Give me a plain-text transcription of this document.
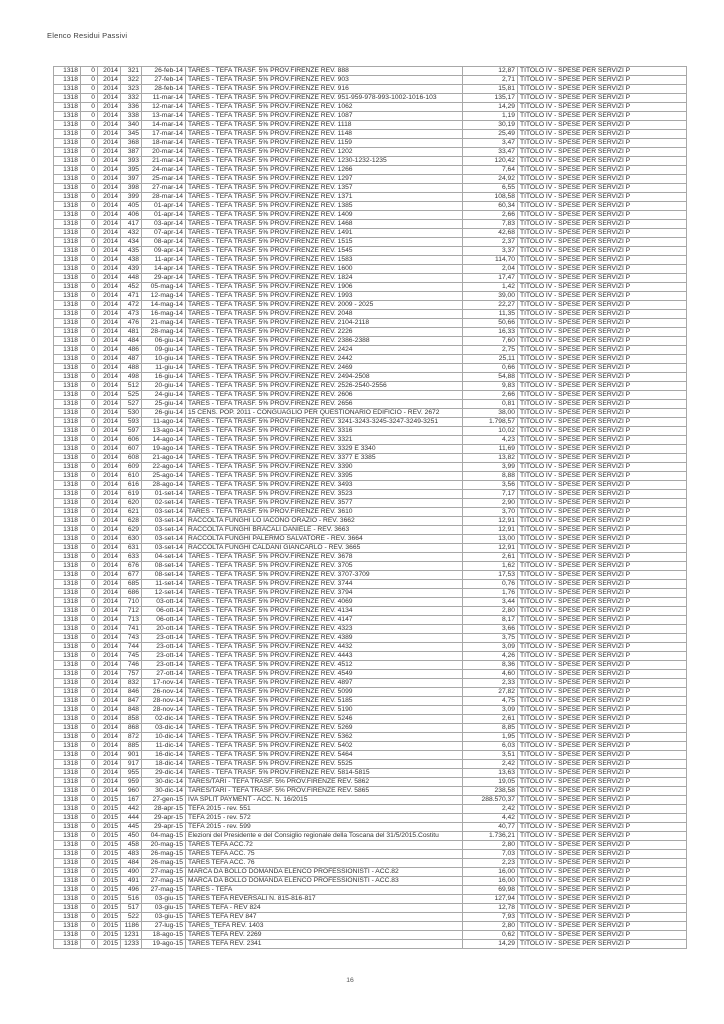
Elenco Residui Passivi
1318	0	2014	321	26-feb-14	TARES - TEFA TRASF. 5% PROV.FIRENZE REV. 888	12,87	TITOLO IV - SPESE PER SERVIZI P
1318	0	2014	322	27-feb-14	TARES - TEFA TRASF. 5% PROV.FIRENZE REV. 903	2,71	TITOLO IV - SPESE PER SERVIZI P
1318	0	2014	323	28-feb-14	TARES - TEFA TRASF. 5% PROV.FIRENZE REV. 916	15,81	TITOLO IV - SPESE PER SERVIZI P
1318	0	2014	332	11-mar-14	TARES - TEFA TRASF. 5% PROV.FIRENZE REV. 951-959-978-993-1002-1016-103	135,17	TITOLO IV - SPESE PER SERVIZI P
1318	0	2014	336	12-mar-14	TARES - TEFA TRASF. 5% PROV.FIRENZE REV. 1062	14,29	TITOLO IV - SPESE PER SERVIZI P
1318	0	2014	338	13-mar-14	TARES - TEFA TRASF. 5% PROV.FIRENZE REV. 1087	1,19	TITOLO IV - SPESE PER SERVIZI P
1318	0	2014	340	14-mar-14	TARES - TEFA TRASF. 5% PROV.FIRENZE REV. 1118	30,19	TITOLO IV - SPESE PER SERVIZI P
1318	0	2014	345	17-mar-14	TARES - TEFA TRASF. 5% PROV.FIRENZE REV. 1148	25,49	TITOLO IV - SPESE PER SERVIZI P
1318	0	2014	368	18-mar-14	TARES - TEFA TRASF. 5% PROV.FIRENZE REV. 1159	3,47	TITOLO IV - SPESE PER SERVIZI P
1318	0	2014	387	20-mar-14	TARES - TEFA TRASF. 5% PROV.FIRENZE REV. 1202	33,47	TITOLO IV - SPESE PER SERVIZI P
1318	0	2014	393	21-mar-14	TARES - TEFA TRASF. 5% PROV.FIRENZE REV. 1230-1232-1235	120,42	TITOLO IV - SPESE PER SERVIZI P
1318	0	2014	395	24-mar-14	TARES - TEFA TRASF. 5% PROV.FIRENZE REV. 1266	7,64	TITOLO IV - SPESE PER SERVIZI P
1318	0	2014	397	25-mar-14	TARES - TEFA TRASF. 5% PROV.FIRENZE REV. 1297	24,92	TITOLO IV - SPESE PER SERVIZI P
1318	0	2014	398	27-mar-14	TARES - TEFA TRASF. 5% PROV.FIRENZE REV. 1357	6,55	TITOLO IV - SPESE PER SERVIZI P
1318	0	2014	399	28-mar-14	TARES - TEFA TRASF. 5% PROV.FIRENZE REV. 1371	108,58	TITOLO IV - SPESE PER SERVIZI P
1318	0	2014	405	01-apr-14	TARES - TEFA TRASF. 5% PROV.FIRENZE REV. 1385	60,34	TITOLO IV - SPESE PER SERVIZI P
1318	0	2014	406	01-apr-14	TARES - TEFA TRASF. 5% PROV.FIRENZE REV. 1409	2,66	TITOLO IV - SPESE PER SERVIZI P
1318	0	2014	417	03-apr-14	TARES - TEFA TRASF. 5% PROV.FIRENZE REV. 1468	7,83	TITOLO IV - SPESE PER SERVIZI P
1318	0	2014	432	07-apr-14	TARES - TEFA TRASF. 5% PROV.FIRENZE REV. 1491	42,68	TITOLO IV - SPESE PER SERVIZI P
1318	0	2014	434	08-apr-14	TARES - TEFA TRASF. 5% PROV.FIRENZE REV. 1515	2,37	TITOLO IV - SPESE PER SERVIZI P
1318	0	2014	435	09-apr-14	TARES - TEFA TRASF. 5% PROV.FIRENZE REV. 1545	3,37	TITOLO IV - SPESE PER SERVIZI P
1318	0	2014	438	11-apr-14	TARES - TEFA TRASF. 5% PROV.FIRENZE REV. 1583	114,70	TITOLO IV - SPESE PER SERVIZI P
1318	0	2014	439	14-apr-14	TARES - TEFA TRASF. 5% PROV.FIRENZE REV. 1600	2,04	TITOLO IV - SPESE PER SERVIZI P
1318	0	2014	448	29-apr-14	TARES - TEFA TRASF. 5% PROV.FIRENZE REV. 1824	17,47	TITOLO IV - SPESE PER SERVIZI P
1318	0	2014	452	05-mag-14	TARES - TEFA TRASF. 5% PROV.FIRENZE REV. 1906	1,42	TITOLO IV - SPESE PER SERVIZI P
1318	0	2014	471	12-mag-14	TARES - TEFA TRASF. 5% PROV.FIRENZE REV. 1993	39,00	TITOLO IV - SPESE PER SERVIZI P
1318	0	2014	472	14-mag-14	TARES - TEFA TRASF. 5% PROV.FIRENZE REV. 2009 - 2025	22,27	TITOLO IV - SPESE PER SERVIZI P
1318	0	2014	473	16-mag-14	TARES - TEFA TRASF. 5% PROV.FIRENZE REV. 2048	11,35	TITOLO IV - SPESE PER SERVIZI P
1318	0	2014	476	21-mag-14	TARES - TEFA TRASF. 5% PROV.FIRENZE REV. 2104-2118	50,66	TITOLO IV - SPESE PER SERVIZI P
1318	0	2014	481	28-mag-14	TARES - TEFA TRASF. 5% PROV.FIRENZE REV. 2226	16,33	TITOLO IV - SPESE PER SERVIZI P
1318	0	2014	484	06-giu-14	TARES - TEFA TRASF. 5% PROV.FIRENZE REV. 2386-2388	7,60	TITOLO IV - SPESE PER SERVIZI P
1318	0	2014	486	09-giu-14	TARES - TEFA TRASF. 5% PROV.FIRENZE REV. 2424	2,75	TITOLO IV - SPESE PER SERVIZI P
1318	0	2014	487	10-giu-14	TARES - TEFA TRASF. 5% PROV.FIRENZE REV. 2442	25,11	TITOLO IV - SPESE PER SERVIZI P
1318	0	2014	488	11-giu-14	TARES - TEFA TRASF. 5% PROV.FIRENZE REV. 2469	0,66	TITOLO IV - SPESE PER SERVIZI P
1318	0	2014	498	16-giu-14	TARES - TEFA TRASF. 5% PROV.FIRENZE REV. 2494-2508	54,88	TITOLO IV - SPESE PER SERVIZI P
1318	0	2014	512	20-giu-14	TARES - TEFA TRASF. 5% PROV.FIRENZE REV. 2526-2540-2556	9,83	TITOLO IV - SPESE PER SERVIZI P
1318	0	2014	525	24-giu-14	TARES - TEFA TRASF. 5% PROV.FIRENZE REV. 2606	2,66	TITOLO IV - SPESE PER SERVIZI P
1318	0	2014	527	25-giu-14	TARES - TEFA TRASF. 5% PROV.FIRENZE REV. 2656	0,81	TITOLO IV - SPESE PER SERVIZI P
1318	0	2014	530	26-giu-14	15 CENS. POP. 2011 - CONGUAGLIO PER QUESTIONARIO EDIFICIO - REV. 2672	38,00	TITOLO IV - SPESE PER SERVIZI P
1318	0	2014	593	11-ago-14	TARES - TEFA TRASF. 5% PROV.FIRENZE REV. 3241-3243-3245-3247-3249-3251	1.798,57	TITOLO IV - SPESE PER SERVIZI P
1318	0	2014	597	13-ago-14	TARES - TEFA TRASF. 5% PROV.FIRENZE REV. 3316	10,02	TITOLO IV - SPESE PER SERVIZI P
1318	0	2014	606	14-ago-14	TARES - TEFA TRASF. 5% PROV.FIRENZE REV. 3321	4,23	TITOLO IV - SPESE PER SERVIZI P
1318	0	2014	607	19-ago-14	TARES - TEFA TRASF. 5% PROV.FIRENZE REV. 3329 E 3340	11,69	TITOLO IV - SPESE PER SERVIZI P
1318	0	2014	608	21-ago-14	TARES - TEFA TRASF. 5% PROV.FIRENZE REV. 3377 E 3385	13,82	TITOLO IV - SPESE PER SERVIZI P
1318	0	2014	609	22-ago-14	TARES - TEFA TRASF. 5% PROV.FIRENZE REV. 3390	3,99	TITOLO IV - SPESE PER SERVIZI P
1318	0	2014	610	25-ago-14	TARES - TEFA TRASF. 5% PROV.FIRENZE REV. 3395	8,88	TITOLO IV - SPESE PER SERVIZI P
1318	0	2014	616	28-ago-14	TARES - TEFA TRASF. 5% PROV.FIRENZE REV. 3493	3,56	TITOLO IV - SPESE PER SERVIZI P
1318	0	2014	619	01-set-14	TARES - TEFA TRASF. 5% PROV.FIRENZE REV. 3523	7,17	TITOLO IV - SPESE PER SERVIZI P
1318	0	2014	620	02-set-14	TARES - TEFA TRASF. 5% PROV.FIRENZE REV. 3577	2,90	TITOLO IV - SPESE PER SERVIZI P
1318	0	2014	621	03-set-14	TARES - TEFA TRASF. 5% PROV.FIRENZE REV. 3610	3,70	TITOLO IV - SPESE PER SERVIZI P
1318	0	2014	628	03-set-14	RACCOLTA FUNGHI LO IACONO ORAZIO - REV. 3662	12,91	TITOLO IV - SPESE PER SERVIZI P
1318	0	2014	629	03-set-14	RACCOLTA FUNGHI BRACALI DANIELE - REV. 3663	12,91	TITOLO IV - SPESE PER SERVIZI P
1318	0	2014	630	03-set-14	RACCOLTA FUNGHI PALERMO SALVATORE - REV. 3664	13,00	TITOLO IV - SPESE PER SERVIZI P
1318	0	2014	631	03-set-14	RACCOLTA FUNGHI CALDANI GIANCARLO - REV. 3665	12,91	TITOLO IV - SPESE PER SERVIZI P
1318	0	2014	633	04-set-14	TARES - TEFA TRASF. 5% PROV.FIRENZE REV. 3678	2,61	TITOLO IV - SPESE PER SERVIZI P
1318	0	2014	676	08-set-14	TARES - TEFA TRASF. 5% PROV.FIRENZE REV. 3705	1,62	TITOLO IV - SPESE PER SERVIZI P
1318	0	2014	677	08-set-14	TARES - TEFA TRASF. 5% PROV.FIRENZE REV. 3707-3709	17,53	TITOLO IV - SPESE PER SERVIZI P
1318	0	2014	685	11-set-14	TARES - TEFA TRASF. 5% PROV.FIRENZE REV. 3744	0,76	TITOLO IV - SPESE PER SERVIZI P
1318	0	2014	686	12-set-14	TARES - TEFA TRASF. 5% PROV.FIRENZE REV. 3794	1,76	TITOLO IV - SPESE PER SERVIZI P
1318	0	2014	710	03-ott-14	TARES - TEFA TRASF. 5% PROV.FIRENZE REV. 4069	3,44	TITOLO IV - SPESE PER SERVIZI P
1318	0	2014	712	06-ott-14	TARES - TEFA TRASF. 5% PROV.FIRENZE REV. 4134	2,80	TITOLO IV - SPESE PER SERVIZI P
1318	0	2014	713	06-ott-14	TARES - TEFA TRASF. 5% PROV.FIRENZE REV. 4147	8,17	TITOLO IV - SPESE PER SERVIZI P
1318	0	2014	741	20-ott-14	TARES - TEFA TRASF. 5% PROV.FIRENZE REV. 4323	3,66	TITOLO IV - SPESE PER SERVIZI P
1318	0	2014	743	23-ott-14	TARES - TEFA TRASF. 5% PROV.FIRENZE REV. 4389	3,75	TITOLO IV - SPESE PER SERVIZI P
1318	0	2014	744	23-ott-14	TARES - TEFA TRASF. 5% PROV.FIRENZE REV. 4432	3,09	TITOLO IV - SPESE PER SERVIZI P
1318	0	2014	745	23-ott-14	TARES - TEFA TRASF. 5% PROV.FIRENZE REV. 4443	4,26	TITOLO IV - SPESE PER SERVIZI P
1318	0	2014	746	23-ott-14	TARES - TEFA TRASF. 5% PROV.FIRENZE REV. 4512	8,36	TITOLO IV - SPESE PER SERVIZI P
1318	0	2014	757	27-ott-14	TARES - TEFA TRASF. 5% PROV.FIRENZE REV. 4549	4,60	TITOLO IV - SPESE PER SERVIZI P
1318	0	2014	832	17-nov-14	TARES - TEFA TRASF. 5% PROV.FIRENZE REV. 4897	2,33	TITOLO IV - SPESE PER SERVIZI P
1318	0	2014	846	26-nov-14	TARES - TEFA TRASF. 5% PROV.FIRENZE REV. 5099	27,82	TITOLO IV - SPESE PER SERVIZI P
1318	0	2014	847	28-nov-14	TARES - TEFA TRASF. 5% PROV.FIRENZE REV. 5185	4,75	TITOLO IV - SPESE PER SERVIZI P
1318	0	2014	848	28-nov-14	TARES - TEFA TRASF. 5% PROV.FIRENZE REV. 5190	3,09	TITOLO IV - SPESE PER SERVIZI P
1318	0	2014	858	02-dic-14	TARES - TEFA TRASF. 5% PROV.FIRENZE REV. 5246	2,61	TITOLO IV - SPESE PER SERVIZI P
1318	0	2014	868	03-dic-14	TARES - TEFA TRASF. 5% PROV.FIRENZE REV. 5269	8,85	TITOLO IV - SPESE PER SERVIZI P
1318	0	2014	872	10-dic-14	TARES - TEFA TRASF. 5% PROV.FIRENZE REV. 5362	1,95	TITOLO IV - SPESE PER SERVIZI P
1318	0	2014	885	11-dic-14	TARES - TEFA TRASF. 5% PROV.FIRENZE REV. 5402	6,03	TITOLO IV - SPESE PER SERVIZI P
1318	0	2014	901	16-dic-14	TARES - TEFA TRASF. 5% PROV.FIRENZE REV. 5464	3,51	TITOLO IV - SPESE PER SERVIZI P
1318	0	2014	917	18-dic-14	TARES - TEFA TRASF. 5% PROV.FIRENZE REV. 5525	2,42	TITOLO IV - SPESE PER SERVIZI P
1318	0	2014	955	29-dic-14	TARES - TEFA TRASF. 5% PROV.FIRENZE REV. 5814-5815	13,63	TITOLO IV - SPESE PER SERVIZI P
1318	0	2014	959	30-dic-14	TARES/TARI - TEFA TRASF. 5% PROV.FIRENZE REV. 5862	19,05	TITOLO IV - SPESE PER SERVIZI P
1318	0	2014	960	30-dic-14	TARES/TARI - TEFA TRASF. 5% PROV.FIRENZE REV. 5865	238,58	TITOLO IV - SPESE PER SERVIZI P
1318	0	2015	167	27-gen-15	IVA SPLIT PAYMENT - ACC. N. 16/2015	288.570,37	TITOLO IV - SPESE PER SERVIZI P
1318	0	2015	442	28-apr-15	TEFA 2015 - rev. 551	2,42	TITOLO IV - SPESE PER SERVIZI P
1318	0	2015	444	29-apr-15	TEFA 2015 - rev. 572	4,42	TITOLO IV - SPESE PER SERVIZI P
1318	0	2015	445	29-apr-15	TEFA 2015 - rev. 599	40,77	TITOLO IV - SPESE PER SERVIZI P
1318	0	2015	450	04-mag-15	Elezioni del Presidente e del Consiglio regionale della Toscana del 31/5/2015.Costitu	1.736,21	TITOLO IV - SPESE PER SERVIZI P
1318	0	2015	458	20-mag-15	TARES TEFA ACC.72	2,80	TITOLO IV - SPESE PER SERVIZI P
1318	0	2015	483	26-mag-15	TARES TEFA ACC. 75	7,03	TITOLO IV - SPESE PER SERVIZI P
1318	0	2015	484	26-mag-15	TARES TEFA ACC. 76	2,23	TITOLO IV - SPESE PER SERVIZI P
1318	0	2015	490	27-mag-15	MARCA DA BOLLO DOMANDA ELENCO PROFESSIONISTI - ACC.82	16,00	TITOLO IV - SPESE PER SERVIZI P
1318	0	2015	491	27-mag-15	MARCA DA BOLLO DOMANDA ELENCO PROFESSIONISTI - ACC.83	16,00	TITOLO IV - SPESE PER SERVIZI P
1318	0	2015	496	27-mag-15	TARES - TEFA	69,98	TITOLO IV - SPESE PER SERVIZI P
1318	0	2015	516	03-giu-15	TARES TEFA REVERSALI N. 815-816-817	127,94	TITOLO IV - SPESE PER SERVIZI P
1318	0	2015	517	03-giu-15	TARES TEFA - REV 824	12,78	TITOLO IV - SPESE PER SERVIZI P
1318	0	2015	522	03-giu-15	TARES TEFA REV 847	7,93	TITOLO IV - SPESE PER SERVIZI P
1318	0	2015	1186	27-lug-15	TARES_TEFA REV. 1403	2,80	TITOLO IV - SPESE PER SERVIZI P
1318	0	2015	1231	18-ago-15	TARES TEFA REV. 2269	0,62	TITOLO IV - SPESE PER SERVIZI P
1318	0	2015	1233	19-ago-15	TARES TEFA REV. 2341	14,29	TITOLO IV - SPESE PER SERVIZI P
16
